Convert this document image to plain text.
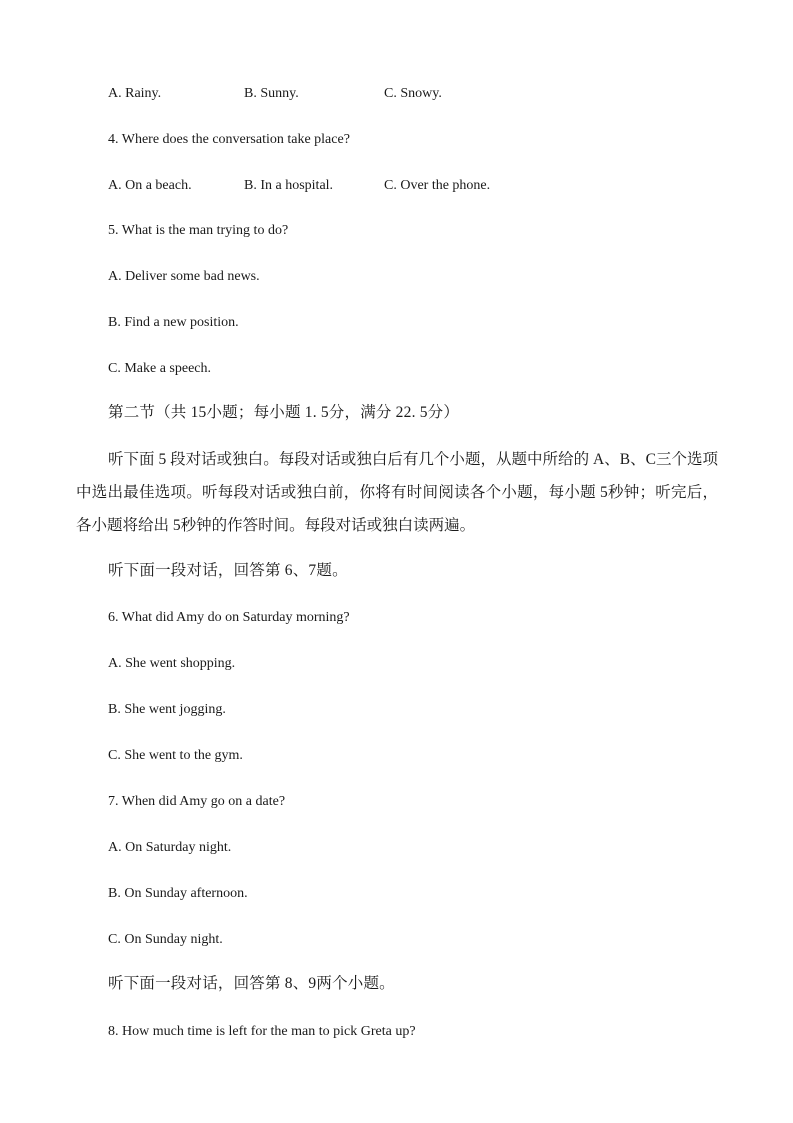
A. Rainy.	B. Sunny.	C. Snowy.
4. Where does the conversation take place?
A. On a beach.	B. In a hospital.	C. Over the phone.
5. What is the man trying to do?
A. Deliver some bad news.
B. Find a new position.
C. Make a speech.
第二节（共 15小题；每小题 1. 5分，满分 22. 5分）
听下面 5 段对话或独白。每段对话或独白后有几个小题，从题中所给的 A、B、C三个选项中选出最佳选项。听每段对话或独白前，你将有时间阅读各个小题，每小题 5秒钟；听完后，各小题将给出 5秒钟的作答时间。每段对话或独白读两遍。
听下面一段对话，回答第 6、7题。
6. What did Amy do on Saturday morning?
A. She went shopping.
B. She went jogging.
C. She went to the gym.
7. When did Amy go on a date?
A. On Saturday night.
B. On Sunday afternoon.
C. On Sunday night.
听下面一段对话，回答第 8、9两个小题。
8. How much time is left for the man to pick Greta up?
